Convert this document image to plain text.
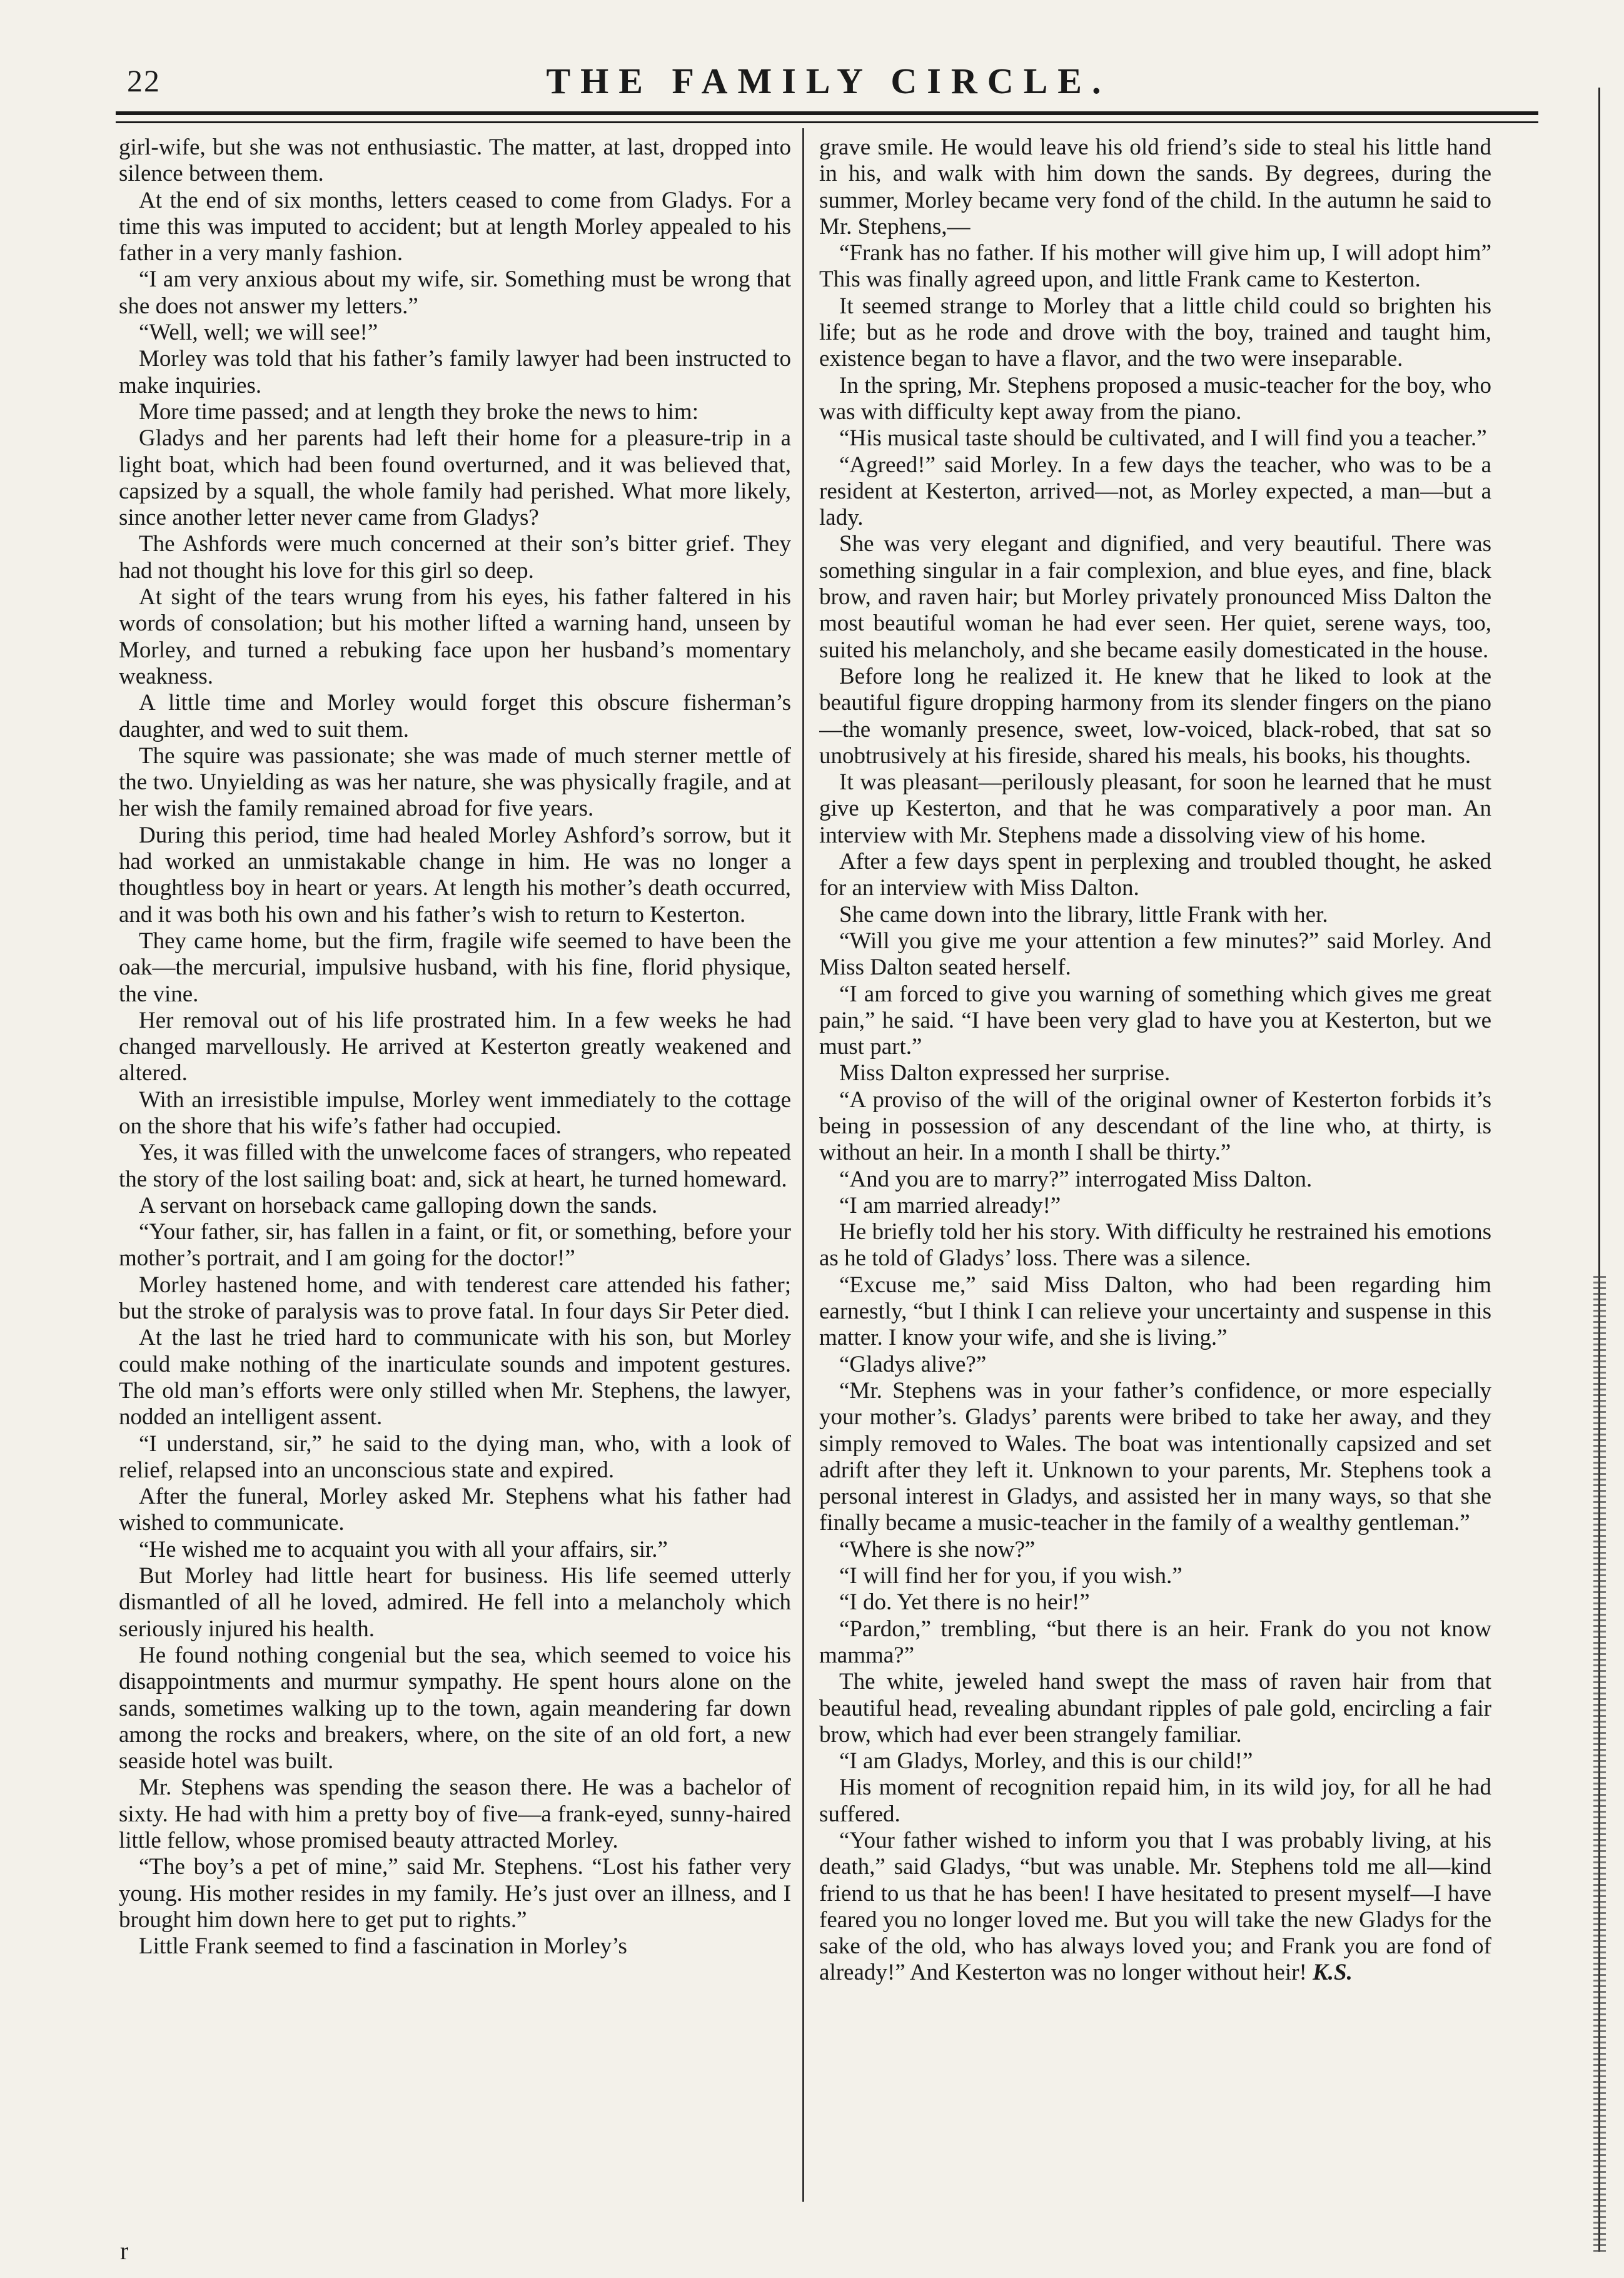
22	THE FAMILY CIRCLE.

girl-wife, but she was not enthusiastic. The matter, at last, dropped into silence between them.

At the end of six months, letters ceased to come from Gladys. For a time this was imputed to accident; but at length Morley appealed to his father in a very manly fashion.

“I am very anxious about my wife, sir. Something must be wrong that she does not answer my letters.”

“Well, well; we will see!”

Morley was told that his father’s family lawyer had been instructed to make inquiries.

More time passed; and at length they broke the news to him:

Gladys and her parents had left their home for a pleasure-trip in a light boat, which had been found overturned, and it was believed that, capsized by a squall, the whole family had perished. What more likely, since another letter never came from Gladys?

The Ashfords were much concerned at their son’s bitter grief. They had not thought his love for this girl so deep.

At sight of the tears wrung from his eyes, his father faltered in his words of consolation; but his mother lifted a warning hand, unseen by Morley, and turned a rebuking face upon her husband’s momentary weakness.

A little time and Morley would forget this obscure fisherman’s daughter, and wed to suit them.

The squire was passionate; she was made of much sterner mettle of the two. Unyielding as was her nature, she was physically fragile, and at her wish the family remained abroad for five years.

During this period, time had healed Morley Ashford’s sorrow, but it had worked an unmistakable change in him. He was no longer a thoughtless boy in heart or years. At length his mother’s death occurred, and it was both his own and his father’s wish to return to Kesterton.

They came home, but the firm, fragile wife seemed to have been the oak—the mercurial, impulsive husband, with his fine, florid physique, the vine.

Her removal out of his life prostrated him. In a few weeks he had changed marvellously. He arrived at Kesterton greatly weakened and altered.

With an irresistible impulse, Morley went immediately to the cottage on the shore that his wife’s father had occupied.

Yes, it was filled with the unwelcome faces of strangers, who repeated the story of the lost sailing boat: and, sick at heart, he turned homeward.

A servant on horseback came galloping down the sands.

“Your father, sir, has fallen in a faint, or fit, or something, before your mother’s portrait, and I am going for the doctor!”

Morley hastened home, and with tenderest care attended his father; but the stroke of paralysis was to prove fatal. In four days Sir Peter died.

At the last he tried hard to communicate with his son, but Morley could make nothing of the inarticulate sounds and impotent gestures. The old man’s efforts were only stilled when Mr. Stephens, the lawyer, nodded an intelligent assent.

“I understand, sir,” he said to the dying man, who, with a look of relief, relapsed into an unconscious state and expired.

After the funeral, Morley asked Mr. Stephens what his father had wished to communicate.

“He wished me to acquaint you with all your affairs, sir.”

But Morley had little heart for business. His life seemed utterly dismantled of all he loved, admired. He fell into a melancholy which seriously injured his health.

He found nothing congenial but the sea, which seemed to voice his disappointments and murmur sympathy. He spent hours alone on the sands, sometimes walking up to the town, again meandering far down among the rocks and breakers, where, on the site of an old fort, a new seaside hotel was built.

Mr. Stephens was spending the season there. He was a bachelor of sixty. He had with him a pretty boy of five—a frank-eyed, sunny-haired little fellow, whose promised beauty attracted Morley.

“The boy’s a pet of mine,” said Mr. Stephens. “Lost his father very young. His mother resides in my family. He’s just over an illness, and I brought him down here to get put to rights.”

Little Frank seemed to find a fascination in Morley’s

grave smile. He would leave his old friend’s side to steal his little hand in his, and walk with him down the sands. By degrees, during the summer, Morley became very fond of the child. In the autumn he said to Mr. Stephens,—

“Frank has no father. If his mother will give him up, I will adopt him” This was finally agreed upon, and little Frank came to Kesterton.

It seemed strange to Morley that a little child could so brighten his life; but as he rode and drove with the boy, trained and taught him, existence began to have a flavor, and the two were inseparable.

In the spring, Mr. Stephens proposed a music-teacher for the boy, who was with difficulty kept away from the piano.

“His musical taste should be cultivated, and I will find you a teacher.”

“Agreed!” said Morley. In a few days the teacher, who was to be a resident at Kesterton, arrived—not, as Morley expected, a man—but a lady.

She was very elegant and dignified, and very beautiful. There was something singular in a fair complexion, and blue eyes, and fine, black brow, and raven hair; but Morley privately pronounced Miss Dalton the most beautiful woman he had ever seen. Her quiet, serene ways, too, suited his melancholy, and she became easily domesticated in the house.

Before long he realized it. He knew that he liked to look at the beautiful figure dropping harmony from its slender fingers on the piano—the womanly presence, sweet, low-voiced, black-robed, that sat so unobtrusively at his fireside, shared his meals, his books, his thoughts.

It was pleasant—perilously pleasant, for soon he learned that he must give up Kesterton, and that he was comparatively a poor man. An interview with Mr. Stephens made a dissolving view of his home.

After a few days spent in perplexing and troubled thought, he asked for an interview with Miss Dalton.

She came down into the library, little Frank with her.

“Will you give me your attention a few minutes?” said Morley. And Miss Dalton seated herself.

“I am forced to give you warning of something which gives me great pain,” he said. “I have been very glad to have you at Kesterton, but we must part.”

Miss Dalton expressed her surprise.

“A proviso of the will of the original owner of Kesterton forbids it’s being in possession of any descendant of the line who, at thirty, is without an heir. In a month I shall be thirty.”

“And you are to marry?” interrogated Miss Dalton.

“I am married already!”

He briefly told her his story. With difficulty he restrained his emotions as he told of Gladys’ loss. There was a silence.

“Excuse me,” said Miss Dalton, who had been regarding him earnestly, “but I think I can relieve your uncertainty and suspense in this matter. I know your wife, and she is living.”

“Gladys alive?”

“Mr. Stephens was in your father’s confidence, or more especially your mother’s. Gladys’ parents were bribed to take her away, and they simply removed to Wales. The boat was intentionally capsized and set adrift after they left it. Unknown to your parents, Mr. Stephens took a personal interest in Gladys, and assisted her in many ways, so that she finally became a music-teacher in the family of a wealthy gentleman.”

“Where is she now?”

“I will find her for you, if you wish.”

“I do. Yet there is no heir!”

“Pardon,” trembling, “but there is an heir. Frank do you not know mamma?”

The white, jeweled hand swept the mass of raven hair from that beautiful head, revealing abundant ripples of pale gold, encircling a fair brow, which had ever been strangely familiar.

“I am Gladys, Morley, and this is our child!”

His moment of recognition repaid him, in its wild joy, for all he had suffered.

“Your father wished to inform you that I was probably living, at his death,” said Gladys, “but was unable. Mr. Stephens told me all—kind friend to us that he has been! I have hesitated to present myself—I have feared you no longer loved me. But you will take the new Gladys for the sake of the old, who has always loved you; and Frank you are fond of already!” And Kesterton was no longer without heir! K.S.

r
